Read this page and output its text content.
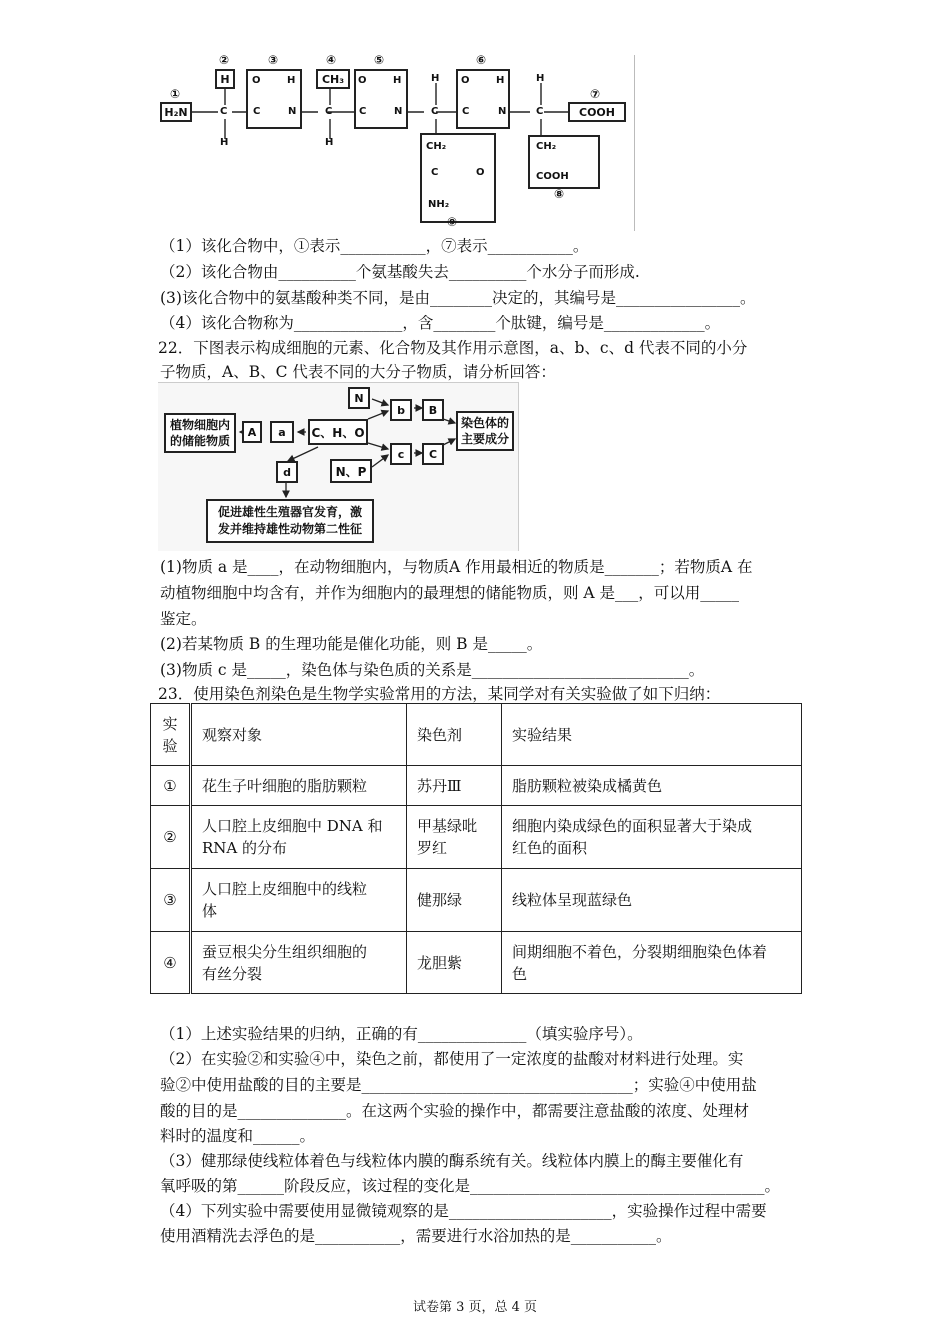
H₂N
①
H
②
C
H
③
O	H
C	N
CH₃
④
C
H
⑤
O	H
C	N
H
C
⑥
O	H
C	N
H
C	COOH
⑦
CH₂
C	O
NH₂
⑨
CH₂
COOH
⑧
（1）该化合物中，①表示___________，⑦表示___________。
（2）该化合物由__________个氨基酸失去__________个水分子而形成.
(3)该化合物中的氨基酸种类不同，是由________决定的，其编号是________________。
（4）该化合物称为______________，含________个肽键，编号是_____________。
22．下图表示构成细胞的元素、化合物及其作用示意图，a、b、c、d 代表不同的小分
子物质，A、B、C 代表不同的大分子物质，请分析回答：
植物细胞内
的储能物质
A a C、H、O
N
b B
染色体的
主要成分
d	N、P
c C
促进雄性生殖器官发育，激
发并维持雄性动物第二性征
(1)物质 a 是____，在动物细胞内，与物质A 作用最相近的物质是_______；若物质A 在
动植物细胞中均含有，并作为细胞内的最理想的储能物质，则 A 是___，可以用_____
鉴定。
(2)若某物质 B 的生理功能是催化功能，则 B 是_____。
(3)物质 c 是_____，染色体与染色质的关系是____________________________。
23．使用染色剂染色是生物学实验常用的方法，某同学对有关实验做了如下归纳：
实
验	观察对象	染色剂	实验结果
①	花生子叶细胞的脂肪颗粒	苏丹Ⅲ	脂肪颗粒被染成橘黄色
②	人口腔上皮细胞中 DNA 和
RNA 的分布	甲基绿吡
罗红	细胞内染成绿色的面积显著大于染成
红色的面积
③	人口腔上皮细胞中的线粒
体	健那绿	线粒体呈现蓝绿色
④	蚕豆根尖分生组织细胞的
有丝分裂	龙胆紫	间期细胞不着色，分裂期细胞染色体着
色
（1）上述实验结果的归纳，正确的有______________（填实验序号）。
（2）在实验②和实验④中，染色之前，都使用了一定浓度的盐酸对材料进行处理。实
验②中使用盐酸的目的主要是___________________________________；实验④中使用盐
酸的目的是______________。在这两个实验的操作中，都需要注意盐酸的浓度、处理材
料时的温度和______。
（3）健那绿使线粒体着色与线粒体内膜的酶系统有关。线粒体内膜上的酶主要催化有
氧呼吸的第______阶段反应，该过程的变化是______________________________________。
（4）下列实验中需要使用显微镜观察的是_____________________，实验操作过程中需要
使用酒精洗去浮色的是___________，需要进行水浴加热的是___________。
试卷第 3 页，总 4 页
